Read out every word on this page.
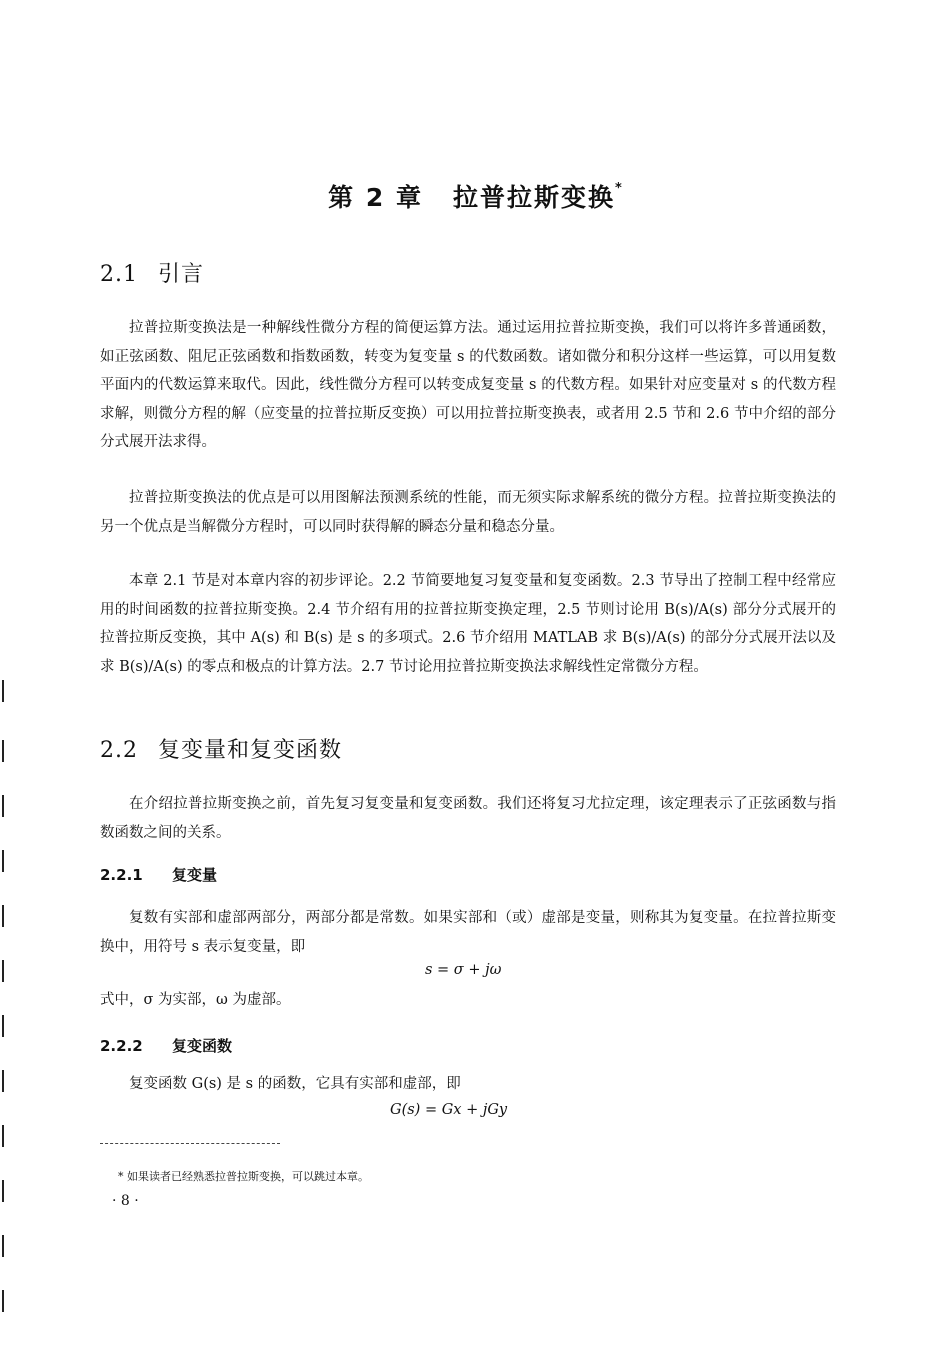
第 2 章 拉普拉斯变换*
2.1 引言

拉普拉斯变换法是一种解线性微分方程的简便运算方法。通过运用拉普拉斯变换，我们可以将许多普通函数，如正弦函数、阻尼正弦函数和指数函数，转变为复变量 s 的代数函数。诸如微分和积分这样一些运算，可以用复数平面内的代数运算来取代。因此，线性微分方程可以转变成复变量 s 的代数方程。如果针对应变量对 s 的代数方程求解，则微分方程的解（应变量的拉普拉斯反变换）可以用拉普拉斯变换表，或者用 2.5 节和 2.6 节中介绍的部分分式展开法求得。

拉普拉斯变换法的优点是可以用图解法预测系统的性能，而无须实际求解系统的微分方程。拉普拉斯变换法的另一个优点是当解微分方程时，可以同时获得解的瞬态分量和稳态分量。

本章 2.1 节是对本章内容的初步评论。2.2 节简要地复习复变量和复变函数。2.3 节导出了控制工程中经常应用的时间函数的拉普拉斯变换。2.4 节介绍有用的拉普拉斯变换定理，2.5 节则讨论用 B(s)/A(s) 部分分式展开的拉普拉斯反变换，其中 A(s) 和 B(s) 是 s 的多项式。2.6 节介绍用 MATLAB 求 B(s)/A(s) 的部分分式展开法以及求 B(s)/A(s) 的零点和极点的计算方法。2.7 节讨论用拉普拉斯变换法求解线性定常微分方程。

2.2 复变量和复变函数

在介绍拉普拉斯变换之前，首先复习复变量和复变函数。我们还将复习尤拉定理，该定理表示了正弦函数与指数函数之间的关系。

2.2.1 复变量

复数有实部和虚部两部分，两部分都是常数。如果实部和（或）虚部是变量，则称其为复变量。在拉普拉斯变换中，用符号 s 表示复变量，即

s = σ + jω
式中，σ 为实部，ω 为虚部。
2.2.2 复变函数

复变函数 G(s) 是 s 的函数，它具有实部和虚部，即

G(s) = Gx + jGy
* 如果读者已经熟悉拉普拉斯变换，可以跳过本章。
· 8 ·
